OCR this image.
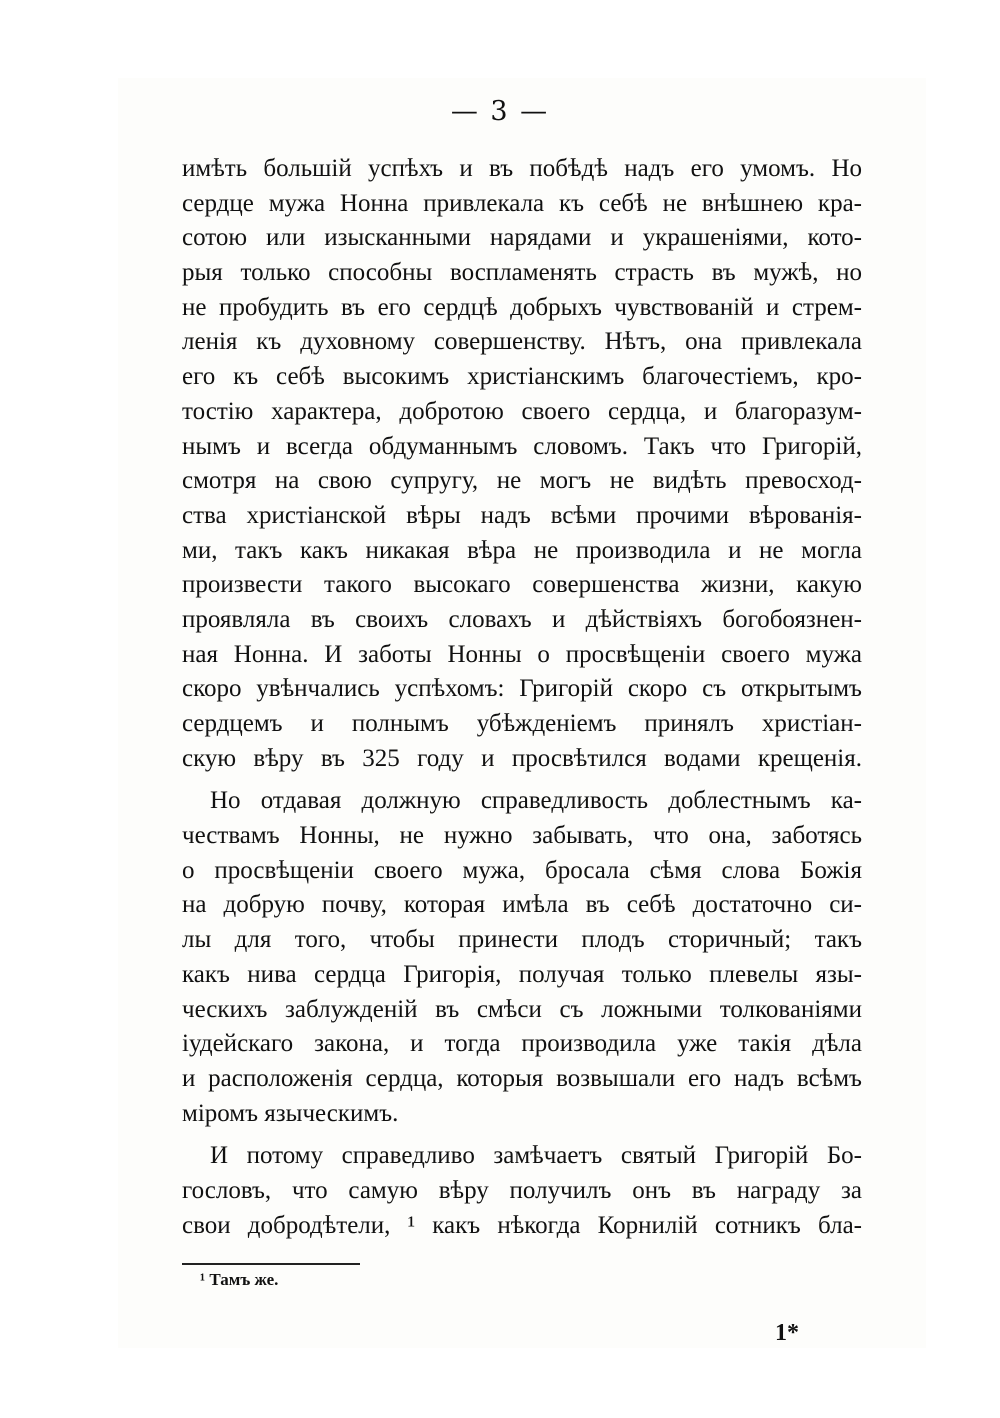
— 3 —
имѣть большій успѣхъ и въ побѣдѣ надъ его умомъ. Но
сердце мужа Нонна привлекала къ себѣ не внѣшнею кра-
сотою или изысканными нарядами и украшеніями, кото-
рыя только способны воспламенять страсть въ мужѣ, но
не пробудить въ его сердцѣ добрыхъ чувствованій и стрем-
ленія къ духовному совершенству. Нѣтъ, она привлекала
его къ себѣ высокимъ христіанскимъ благочестіемъ, кро-
тостію характера, добротою своего сердца, и благоразум-
нымъ и всегда обдуманнымъ словомъ. Такъ что Григорій,
смотря на свою супругу, не могъ не видѣть превосход-
ства христіанской вѣры надъ всѣми прочими вѣрованія-
ми, такъ какъ никакая вѣра не производила и не могла
произвести такого высокаго совершенства жизни, какую
проявляла въ своихъ словахъ и дѣйствіяхъ богобоязнен-
ная Нонна. И заботы Нонны о просвѣщеніи своего мужа
скоро увѣнчались успѣхомъ: Григорій скоро съ открытымъ
сердцемъ и полнымъ убѣжденіемъ принялъ христіан-
скую вѣру въ 325 году и просвѣтился водами крещенія.
Но отдавая должную справедливость доблестнымъ ка-
чествамъ Нонны, не нужно забывать, что она, заботясь
о просвѣщеніи своего мужа, бросала сѣмя слова Божія
на добрую почву, которая имѣла въ себѣ достаточно си-
лы для того, чтобы принести плодъ сторичный; такъ
какъ нива сердца Григорія, получая только плевелы язы-
ческихъ заблужденій въ смѣси съ ложными толкованіями
іудейскаго закона, и тогда производила уже такія дѣла
и расположенія сердца, которыя возвышали его надъ всѣмъ
міромъ языческимъ.
И потому справедливо замѣчаетъ святый Григорій Бо-
гословъ, что самую вѣру получилъ онъ въ награду за
свои добродѣтели, ¹ какъ нѣкогда Корнилій сотникъ бла-
¹ Тамъ же.
1*
